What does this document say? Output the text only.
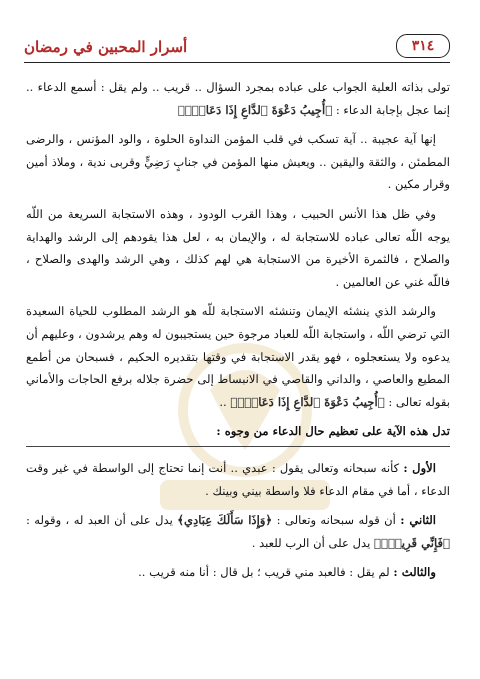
٣١٤
أسرار المحبين في رمضان

تولى بذاته العلية الجواب على عباده بمجرد السؤال .. قريب .. ولم يقل : أسمع الدعاء .. إنما عجل بإجابة الدعاء : ﴿أُجِيبُ دَعْوَةَ ٱلدَّاعِ إِذَا دَعَانِۖ﴾

إنها آية عجيبة .. آية تسكب في قلب المؤمن النداوة الحلوة ، والود المؤنس ، والرضى المطمئن ، والثقة واليقين .. ويعيش منها المؤمن في جنابٍ رَضِيٍّ وقربى ندية ، وملاذ أمين وقرار مكين .

وفي ظل هذا الأنس الحبيب ، وهذا القرب الودود ، وهذه الاستجابة السريعة من اللّه يوجه اللّه تعالى عباده للاستجابة له ، والإيمان به ، لعل هذا يقودهم إلى الرشد والهداية والصلاح ، فالثمرة الأخيرة من الاستجابة هي لهم كذلك ، وهي الرشد والهدى والصلاح ، فاللّه غني عن العالمين .

والرشد الذي ينشئه الإيمان وتنشئه الاستجابة للّه هو الرشد المطلوب للحياة السعيدة التي ترضي اللّه ، واستجابة اللّه للعباد مرجوة حين يستجيبون له وهم يرشدون ، وعليهم أن يدعوه ولا يستعجلوه ، فهو يقدر الاستجابة في وقتها بتقديره الحكيم ، فسبحان من أطمع المطيع والعاصي ، والداني والقاصي في الانبساط إلى حضرة جلاله برفع الحاجات والأماني بقوله تعالى : ﴿أُجِيبُ دَعْوَةَ ٱلدَّاعِ إِذَا دَعَانِۖ﴾ ..

تدل هذه الآية على تعظيم حال الدعاء من وجوه :

الأول : كأنه سبحانه وتعالى يقول : عبدي .. أنت إنما تحتاج إلى الواسطة في غير وقت الدعاء ، أما في مقام الدعاء فلا واسطة بيني وبينك .

الثاني : أن قوله سبحانه وتعالى : ﴿وَإِذَا سَأَلَكَ عِبَادِي﴾ يدل على أن العبد له ، وقوله : ﴿فَإِنِّي قَرِيبٌۖ﴾ يدل على أن الرب للعبد .

والثالث : لم يقل : فالعبد مني قريب ؛ بل قال : أنا منه قريب ..
